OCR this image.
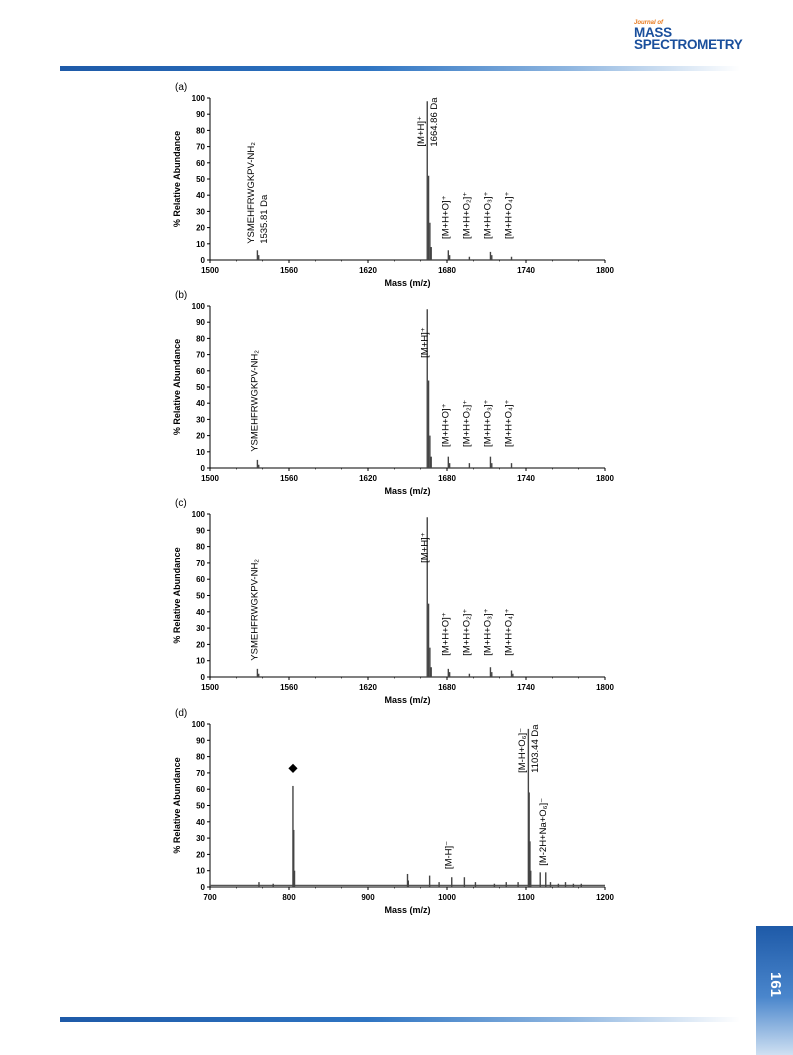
Journal of
MASS
SPECTROMETRY
161
(a)
0
10
20
30
40
50
60
70
80
90
100
1500	1560	1620	1680	1740	1800
Mass (m/z)
% Relative Abundance	YSMEHFRWGKPV-NH₂ 1535.81 Da
[M+H]⁺ 1664.86 Da
[M+H+O]⁺ [M+H+O₂]⁺ [M+H+O₃]⁺ [M+H+O₄]⁺
(b)
0
10
20
30
40
50
60
70
80
90
100
1500	1560	1620	1680	1740	1800
Mass (m/z)
% Relative Abundance	YSMEHFRWGKPV-NH₂
[M+H]⁺
[M+H+O]⁺ [M+H+O₂]⁺ [M+H+O₃]⁺ [M+H+O₄]⁺
(c)
0
10
20
30
40
50
60
70
80
90
100
1500	1560	1620	1680	1740	1800
Mass (m/z)
% Relative Abundance	YSMEHFRWGKPV-NH₂
[M+H]⁺
[M+H+O]⁺ [M+H+O₂]⁺ [M+H+O₃]⁺ [M+H+O₄]⁺
(d)
0
10
20
30
40
50
60
70
80
90
100
700	800	900	1000	1100	1200
Mass (m/z)
% Relative Abundance	◆
[M-H]⁻
[M-H+O₆]⁻ 1103.44 Da
[M-2H+Na+O₆]⁻
